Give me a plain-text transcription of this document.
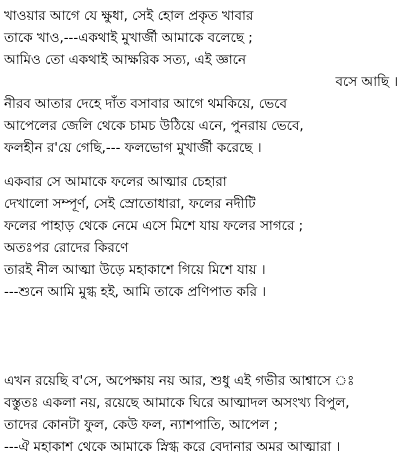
খাওয়ার আগে যে ক্ষুধা, সেই হোল প্রকৃত খাবার
তাকে খাও,---একথাই মুখার্জী আমাকে বলেছে ;
আমিও তো একথাই আক্ষরিক সত্য, এই জ্ঞানে
বসে আছি ।
নীরব আতার দেহে দাঁত বসাবার আগে থমকিয়ে, ভেবে
আপেলের জেলি থেকে চামচ উঠিয়ে এনে, পুনরায় ভেবে,
ফলহীন র'য়ে গেছি,--- ফলভোগ মুখার্জী করেছে ।
একবার সে আমাকে ফলের আত্মার চেহারা
দেখালো সম্পূর্ণ, সেই স্রোতোধারা, ফলের নদীটি
ফলের পাহাড় থেকে নেমে এসে মিশে যায় ফলের সাগরে ;
অতঃপর রোদের কিরণে
তারই নীল আত্মা উড়ে মহাকাশে গিয়ে মিশে যায় ।
---শুনে আমি মুগ্ধ হই, আমি তাকে প্রণিপাত করি ।
এখন রয়েছি ব'সে, অপেক্ষায় নয় আর, শুধু এই গভীর আশ্বাসে ঃ
বস্তুতঃ একলা নয়, রয়েছে আমাকে ঘিরে আত্মাদল অসংখ্য বিপুল,
তাদের কোনটা ফুল, কেউ ফল, ন্যাশপাতি, আপেল ;
---ঐ মহাকাশ থেকে আমাকে স্নিগ্ধ করে বেদানার অমর আত্মারা ।
